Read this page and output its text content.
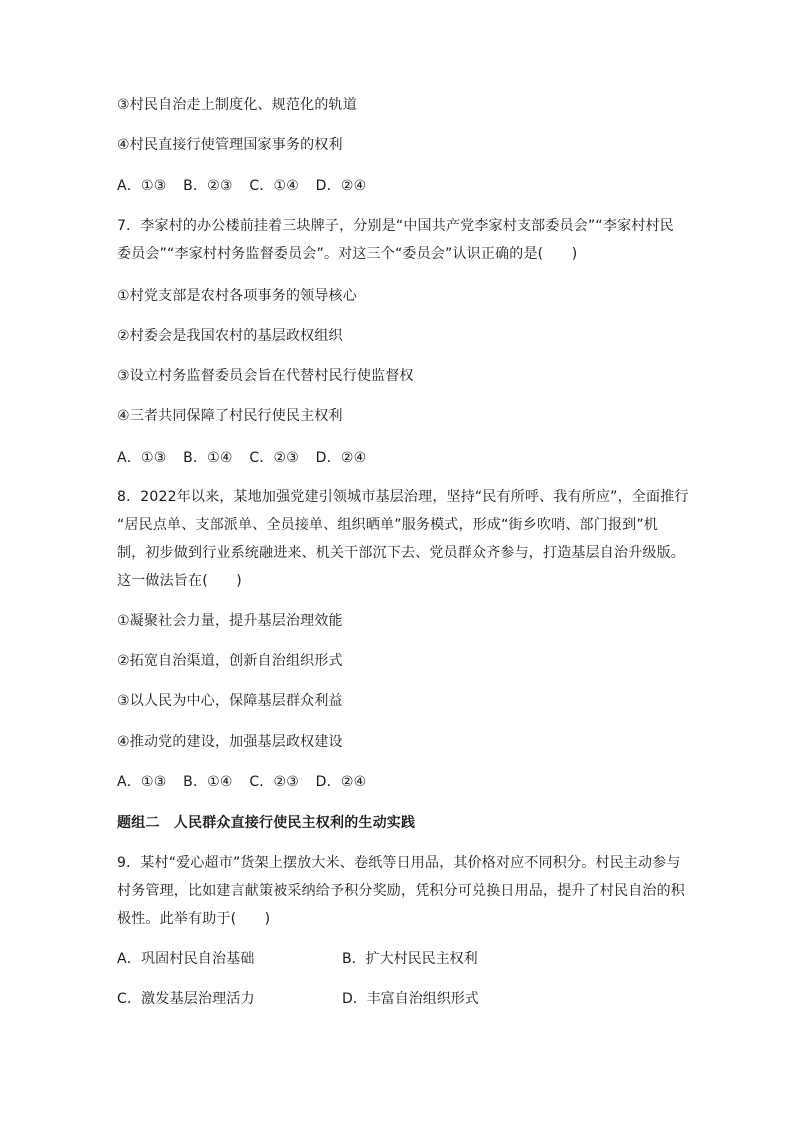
③村民自治走上制度化、规范化的轨道
④村民直接行使管理国家事务的权利
A．①③ B．②③ C．①④ D．②④
7．李家村的办公楼前挂着三块牌子，分别是“中国共产党李家村支部委员会”“李家村村民
委员会”“李家村村务监督委员会”。对这三个“委员会”认识正确的是(　　)
①村党支部是农村各项事务的领导核心
②村委会是我国农村的基层政权组织
③设立村务监督委员会旨在代替村民行使监督权
④三者共同保障了村民行使民主权利
A．①③ B．①④ C．②③ D．②④
8．2022年以来，某地加强党建引领城市基层治理，坚持“民有所呼、我有所应”，全面推行
“居民点单、支部派单、全员接单、组织晒单”服务模式，形成“街乡吹哨、部门报到”机
制，初步做到行业系统融进来、机关干部沉下去、党员群众齐参与，打造基层自治升级版。
这一做法旨在(　　)
①凝聚社会力量，提升基层治理效能
②拓宽自治渠道，创新自治组织形式
③以人民为中心，保障基层群众利益
④推动党的建设，加强基层政权建设
A．①③ B．①④ C．②③ D．②④
题组二　人民群众直接行使民主权利的生动实践
9．某村“爱心超市”货架上摆放大米、卷纸等日用品，其价格对应不同积分。村民主动参与
村务管理，比如建言献策被采纳给予积分奖励，凭积分可兑换日用品，提升了村民自治的积
极性。此举有助于(　　)
A．巩固村民自治基础	B．扩大村民民主权利
C．激发基层治理活力	D．丰富自治组织形式
